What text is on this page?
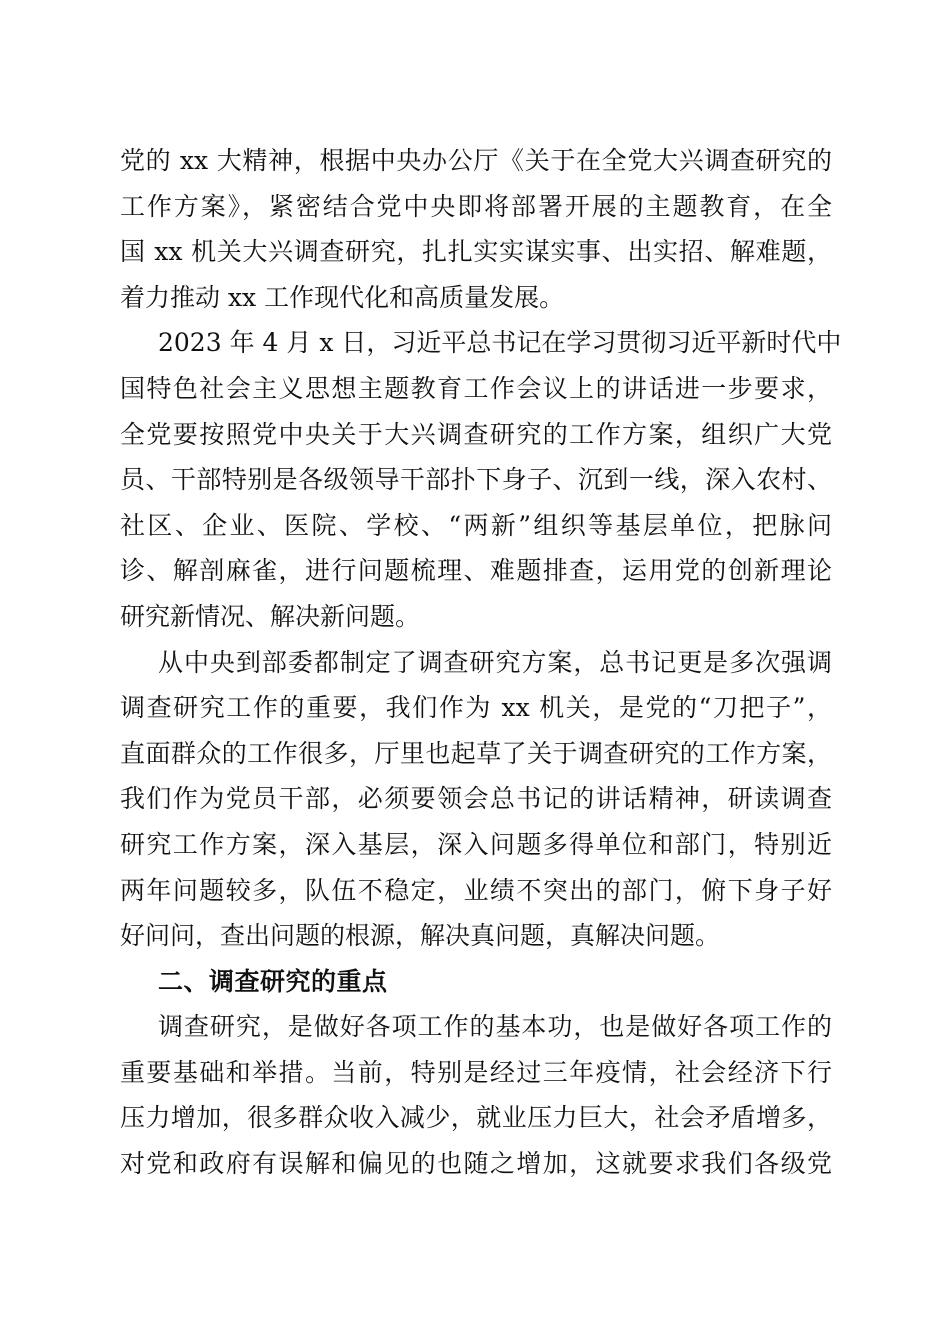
党的 xx 大精神，根据中央办公厅《关于在全党大兴调查研究的
工作方案》，紧密结合党中央即将部署开展的主题教育，在全
国 xx 机关大兴调查研究，扎扎实实谋实事、出实招、解难题，
着力推动 xx 工作现代化和高质量发展。
2023 年 4 月 x 日，习近平总书记在学习贯彻习近平新时代中
国特色社会主义思想主题教育工作会议上的讲话进一步要求，
全党要按照党中央关于大兴调查研究的工作方案，组织广大党
员、干部特别是各级领导干部扑下身子、沉到一线，深入农村、
社区、企业、医院、学校、“两新”组织等基层单位，把脉问
诊、解剖麻雀，进行问题梳理、难题排查，运用党的创新理论
研究新情况、解决新问题。
从中央到部委都制定了调查研究方案，总书记更是多次强调
调查研究工作的重要，我们作为 xx 机关，是党的“刀把子”，
直面群众的工作很多，厅里也起草了关于调查研究的工作方案，
我们作为党员干部，必须要领会总书记的讲话精神，研读调查
研究工作方案，深入基层，深入问题多得单位和部门，特别近
两年问题较多，队伍不稳定，业绩不突出的部门，俯下身子好
好问问，查出问题的根源，解决真问题，真解决问题。
二、调查研究的重点
调查研究，是做好各项工作的基本功，也是做好各项工作的
重要基础和举措。当前，特别是经过三年疫情，社会经济下行
压力增加，很多群众收入减少，就业压力巨大，社会矛盾增多，
对党和政府有误解和偏见的也随之增加，这就要求我们各级党
